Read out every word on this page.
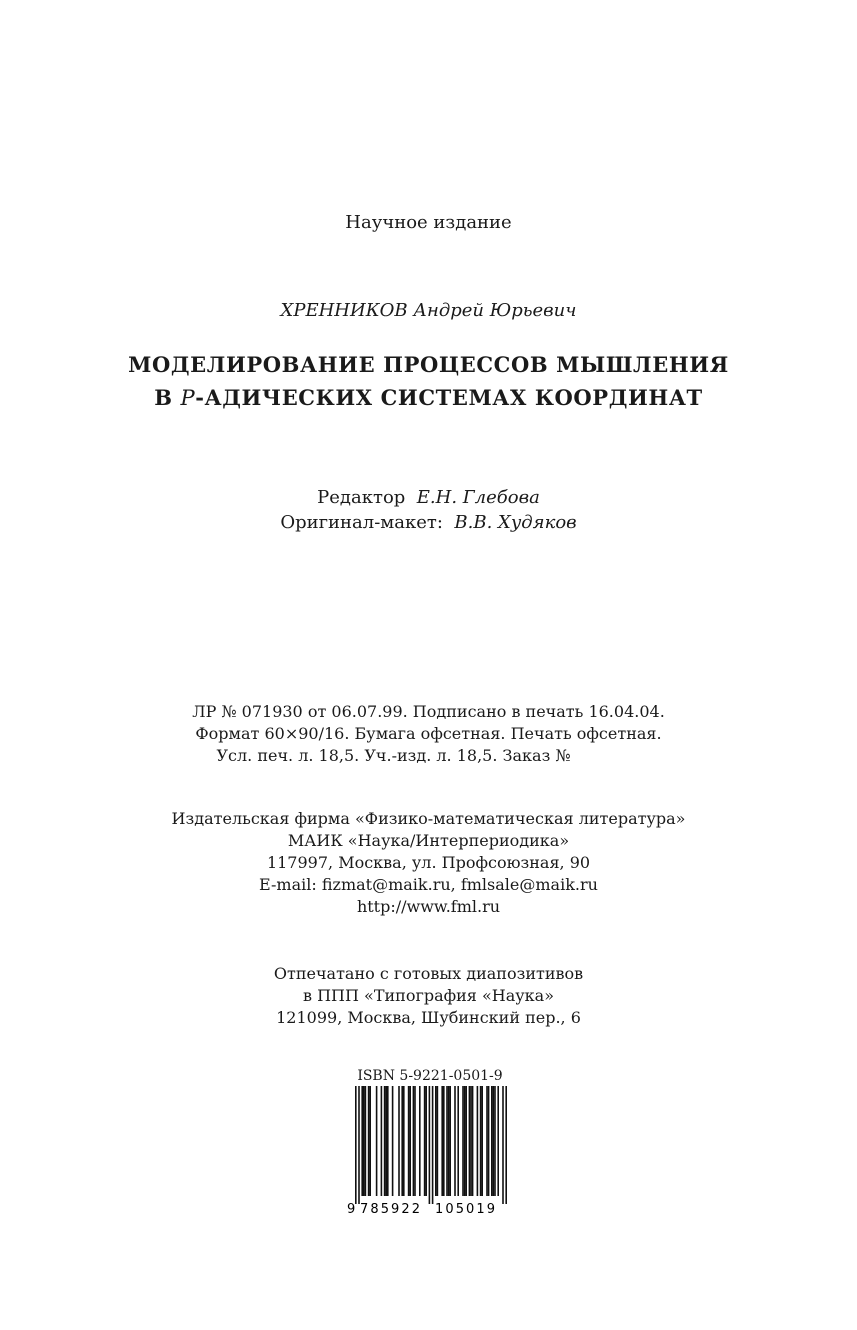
Научное издание
ХРЕННИКОВ Андрей Юрьевич
МОДЕЛИРОВАНИЕ ПРОЦЕССОВ МЫШЛЕНИЯ
В P-АДИЧЕСКИХ СИСТЕМАХ КООРДИНАТ
Редактор Е.Н. Глебова
Оригинал-макет: В.В. Худяков
ЛР № 071930 от 06.07.99. Подписано в печать 16.04.04.
Формат 60×90/16. Бумага офсетная. Печать офсетная.
Усл. печ. л. 18,5. Уч.-изд. л. 18,5. Заказ №
Издательская фирма «Физико-математическая литература»
МАИК «Наука/Интерпериодика»
117997, Москва, ул. Профсоюзная, 90
E-mail: fizmat@maik.ru, fmlsale@maik.ru
http://www.fml.ru
Отпечатано с готовых диапозитивов
в ППП «Типография «Наука»
121099, Москва, Шубинский пер., 6
ISBN 5-9221-0501-9
9 785922 105019
